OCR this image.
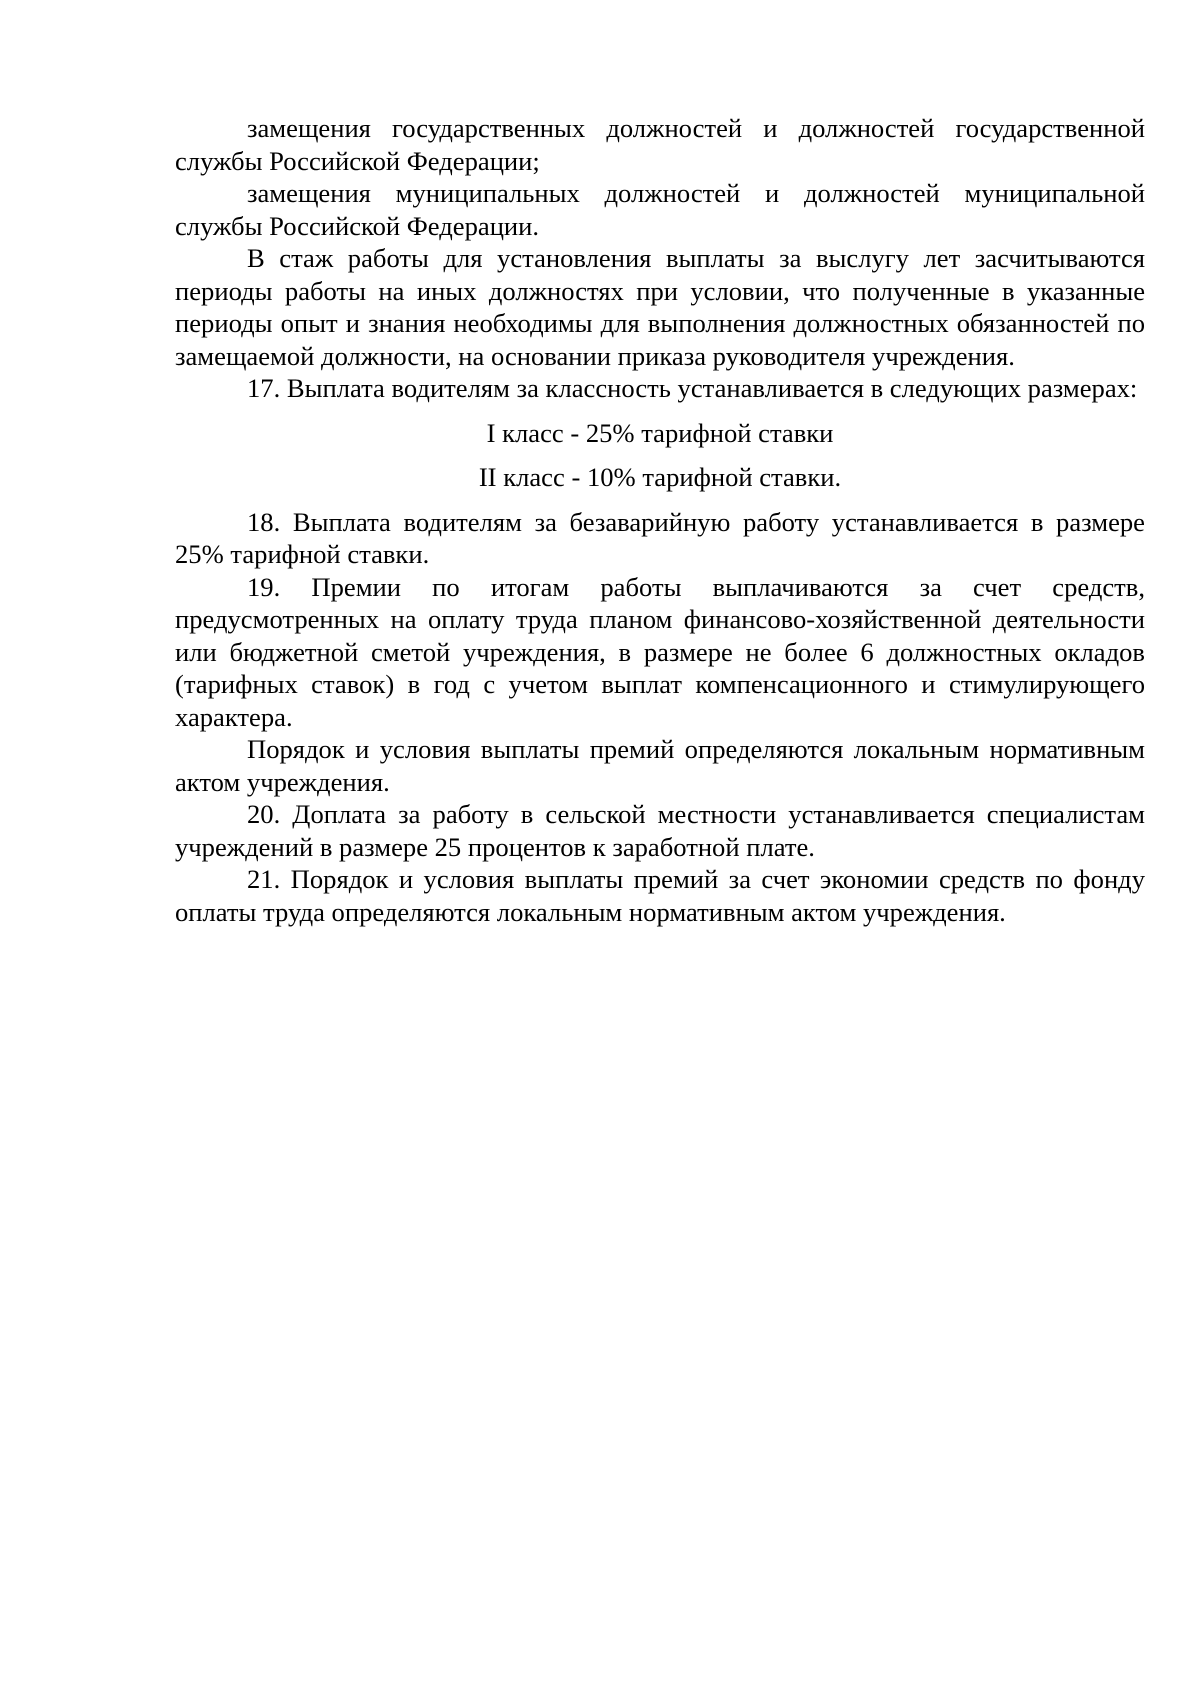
замещения государственных должностей и должностей государственной службы Российской Федерации;

замещения муниципальных должностей и должностей муниципальной службы Российской Федерации.

В стаж работы для установления выплаты за выслугу лет засчитываются периоды работы на иных должностях при условии, что полученные в указанные периоды опыт и знания необходимы для выполнения должностных обязанностей по замещаемой должности, на основании приказа руководителя учреждения.

17. Выплата водителям за классность устанавливается в следующих размерах:

I класс - 25% тарифной ставки

II класс - 10% тарифной ставки.

18. Выплата водителям за безаварийную работу устанавливается в размере 25% тарифной ставки.

19. Премии по итогам работы выплачиваются за счет средств, предусмотренных на оплату труда планом финансово-хозяйственной деятельности или бюджетной сметой учреждения, в размере не более 6 должностных окладов (тарифных ставок) в год с учетом выплат компенсационного и стимулирующего характера.

Порядок и условия выплаты премий определяются локальным нормативным актом учреждения.

20. Доплата за работу в сельской местности устанавливается специалистам учреждений в размере 25 процентов к заработной плате.

21. Порядок и условия выплаты премий за счет экономии средств по фонду оплаты труда определяются локальным нормативным актом учреждения.
